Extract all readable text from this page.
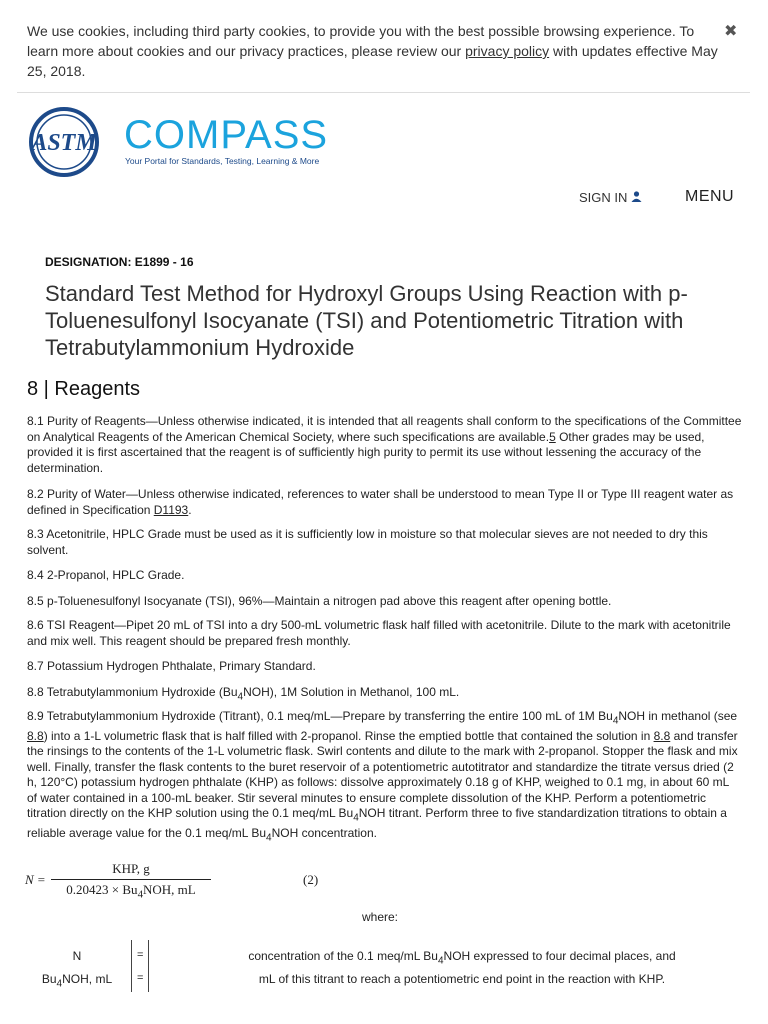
We use cookies, including third party cookies, to provide you with the best possible browsing experience. To learn more about cookies and our privacy practices, please review our privacy policy with updates effective May 25, 2018.
✖
ASTM COMPASS
Your Portal for Standards, Testing, Learning & More
SIGN IN	MENU
DESIGNATION: E1899 - 16
Standard Test Method for Hydroxyl Groups Using Reaction with p-Toluenesulfonyl Isocyanate (TSI) and Potentiometric Titration with Tetrabutylammonium Hydroxide
8 | Reagents
8.1 Purity of Reagents—Unless otherwise indicated, it is intended that all reagents shall conform to the specifications of the Committee on Analytical Reagents of the American Chemical Society, where such specifications are available.5 Other grades may be used, provided it is first ascertained that the reagent is of sufficiently high purity to permit its use without lessening the accuracy of the determination.
8.2 Purity of Water—Unless otherwise indicated, references to water shall be understood to mean Type II or Type III reagent water as defined in Specification D1193.
8.3 Acetonitrile, HPLC Grade must be used as it is sufficiently low in moisture so that molecular sieves are not needed to dry this solvent.
8.4 2-Propanol, HPLC Grade.
8.5 p-Toluenesulfonyl Isocyanate (TSI), 96%—Maintain a nitrogen pad above this reagent after opening bottle.
8.6 TSI Reagent—Pipet 20 mL of TSI into a dry 500-mL volumetric flask half filled with acetonitrile. Dilute to the mark with acetonitrile and mix well. This reagent should be prepared fresh monthly.
8.7 Potassium Hydrogen Phthalate, Primary Standard.
8.8 Tetrabutylammonium Hydroxide $(Bu_4NOH)$, 1M Solution in Methanol, 100 mL.
8.9 Tetrabutylammonium Hydroxide (Titrant), 0.1 meq/mL—Prepare by transferring the entire 100 mL of 1M $Bu_4NOH$ in methanol (see 8.8) into a 1-L volumetric flask that is half filled with 2-propanol. Rinse the emptied bottle that contained the solution in 8.8 and transfer the rinsings to the contents of the 1-L volumetric flask. Swirl contents and dilute to the mark with 2-propanol. Stopper the flask and mix well. Finally, transfer the flask contents to the buret reservoir of a potentiometric autotitrator and standardize the titrate versus dried (2 h, 120°C) potassium hydrogen phthalate (KHP) as follows: dissolve approximately 0.18 g of KHP, weighed to 0.1 mg, in about 60 mL of water contained in a 100-mL beaker. Stir several minutes to ensure complete dissolution of the KHP. Perform a potentiometric titration directly on the KHP solution using the 0.1 meq/mL $Bu_4NOH$ titrant. Perform three to five standardization titrations to obtain a reliable average value for the 0.1 meq/mL $Bu_4NOH$ concentration.
N =
KHP, g
$0.20423 \times Bu_4NOH$, mL
(2)
where:
N	=	concentration of the 0.1 meq/mL $Bu_4NOH$ expressed to four decimal places, and
$Bu_4NOH$, mL	=	mL of this titrant to reach a potentiometric end point in the reaction with KHP.
